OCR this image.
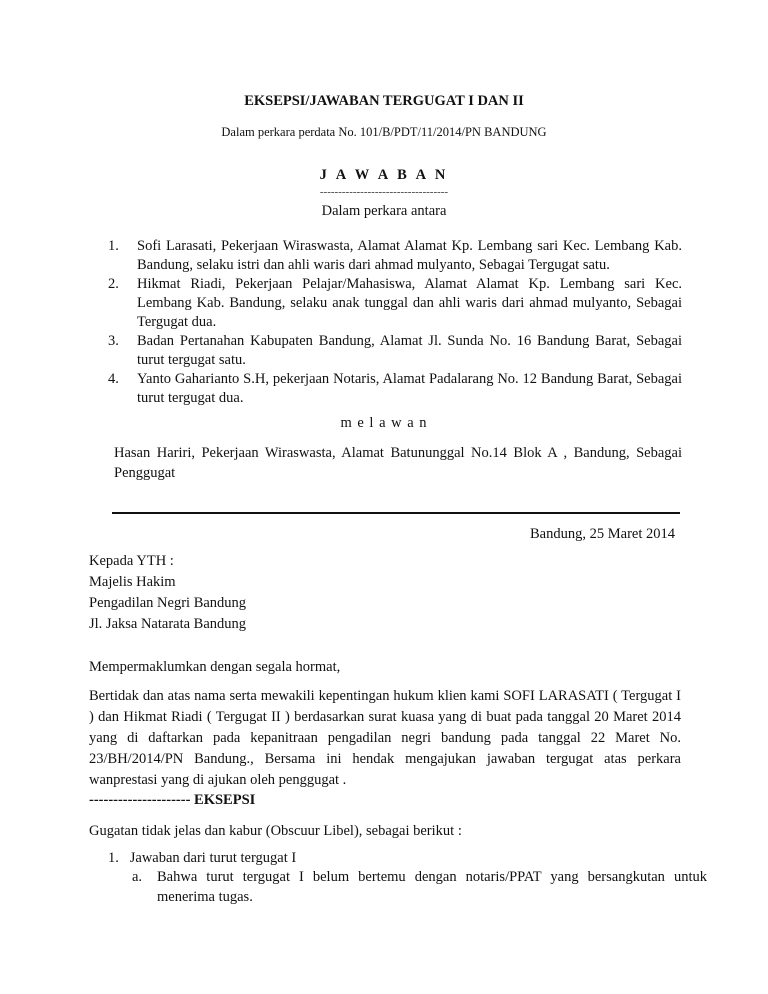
EKSEPSI/JAWABAN TERGUGAT I DAN II
Dalam perkara perdata No. 101/B/PDT/11/2014/PN BANDUNG
J A W A B A N
-----------------------------------
Dalam perkara antara
1. Sofi Larasati, Pekerjaan Wiraswasta, Alamat Alamat Kp. Lembang sari Kec. Lembang Kab. Bandung, selaku istri dan ahli waris dari ahmad mulyanto, Sebagai Tergugat satu.
2. Hikmat Riadi, Pekerjaan Pelajar/Mahasiswa, Alamat Alamat Kp. Lembang sari Kec. Lembang Kab. Bandung, selaku anak tunggal dan ahli waris dari ahmad mulyanto, Sebagai Tergugat dua.
3. Badan Pertanahan Kabupaten Bandung, Alamat Jl. Sunda No. 16 Bandung Barat, Sebagai turut tergugat satu.
4. Yanto Gaharianto S.H, pekerjaan Notaris, Alamat Padalarang No. 12 Bandung Barat, Sebagai turut tergugat dua.
m e l a w a n
Hasan Hariri, Pekerjaan Wiraswasta, Alamat Batununggal No.14 Blok A , Bandung, Sebagai Penggugat
Bandung, 25 Maret 2014
Kepada YTH :
Majelis Hakim
Pengadilan Negri Bandung
Jl. Jaksa Natarata Bandung
Mempermaklumkan dengan segala hormat,

Bertidak dan atas nama serta mewakili kepentingan hukum klien kami SOFI LARASATI ( Tergugat I ) dan Hikmat Riadi ( Tergugat II ) berdasarkan surat kuasa yang di buat pada tanggal 20 Maret 2014 yang di daftarkan pada kepanitraan pengadilan negri bandung pada tanggal 22 Maret No. 23/BH/2014/PN Bandung., Bersama ini hendak mengajukan jawaban tergugat atas perkara wanprestasi yang di ajukan oleh penggugat .

--------------------- EKSEPSI
Gugatan tidak jelas dan kabur (Obscuur Libel), sebagai berikut :
1. Jawaban dari turut tergugat I
a. Bahwa turut tergugat I belum bertemu dengan notaris/PPAT yang bersangkutan untuk menerima tugas.
